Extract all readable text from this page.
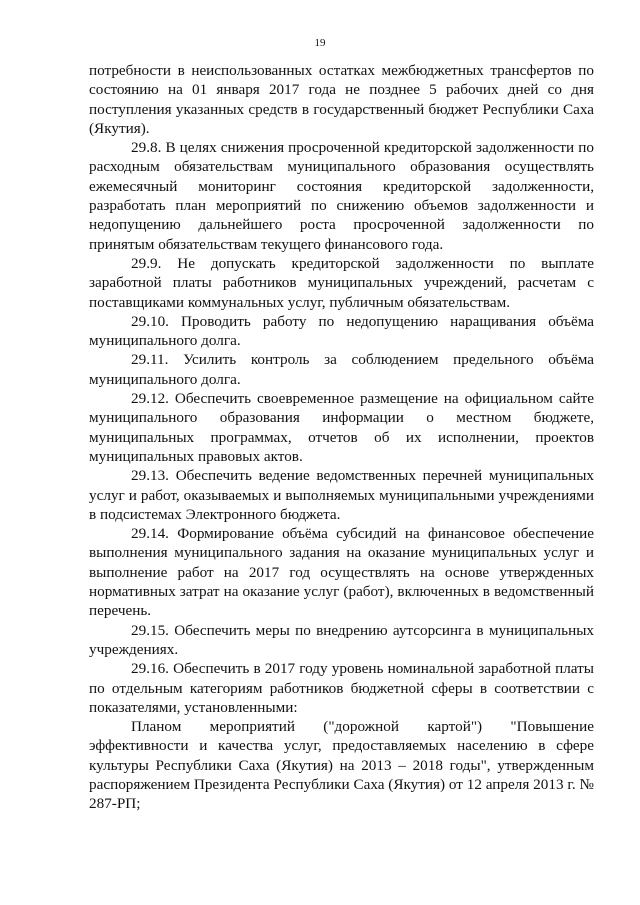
19

потребности в неиспользованных остатках межбюджетных трансфертов по состоянию на 01 января 2017 года не позднее 5 рабочих дней со дня поступления указанных средств в государственный бюджет Республики Саха (Якутия).

29.8. В целях снижения просроченной кредиторской задолженности по расходным обязательствам муниципального образования осуществлять ежемесячный мониторинг состояния кредиторской задолженности, разработать план мероприятий по снижению объемов задолженности и недопущению дальнейшего роста просроченной задолженности по принятым обязательствам текущего финансового года.

29.9. Не допускать кредиторской задолженности по выплате заработной платы работников муниципальных учреждений, расчетам с поставщиками коммунальных услуг, публичным обязательствам.

29.10. Проводить работу по недопущению наращивания объёма муниципального долга.

29.11. Усилить контроль за соблюдением предельного объёма муниципального долга.

29.12. Обеспечить своевременное размещение на официальном сайте муниципального образования информации о местном бюджете, муниципальных программах, отчетов об их исполнении, проектов муниципальных правовых актов.

29.13. Обеспечить ведение ведомственных перечней муниципальных услуг и работ, оказываемых и выполняемых муниципальными учреждениями в подсистемах Электронного бюджета.

29.14. Формирование объёма субсидий на финансовое обеспечение выполнения муниципального задания на оказание муниципальных услуг и выполнение работ на 2017 год осуществлять на основе утвержденных нормативных затрат на оказание услуг (работ), включенных в ведомственный перечень.

29.15. Обеспечить меры по внедрению аутсорсинга в муниципальных учреждениях.

29.16. Обеспечить в 2017 году уровень номинальной заработной платы по отдельным категориям работников бюджетной сферы в соответствии с показателями, установленными:

Планом мероприятий ("дорожной картой") "Повышение эффективности и качества услуг, предоставляемых населению в сфере культуры Республики Саха (Якутия) на 2013 – 2018 годы", утвержденным распоряжением Президента Республики Саха (Якутия) от 12 апреля 2013 г. № 287-РП;
